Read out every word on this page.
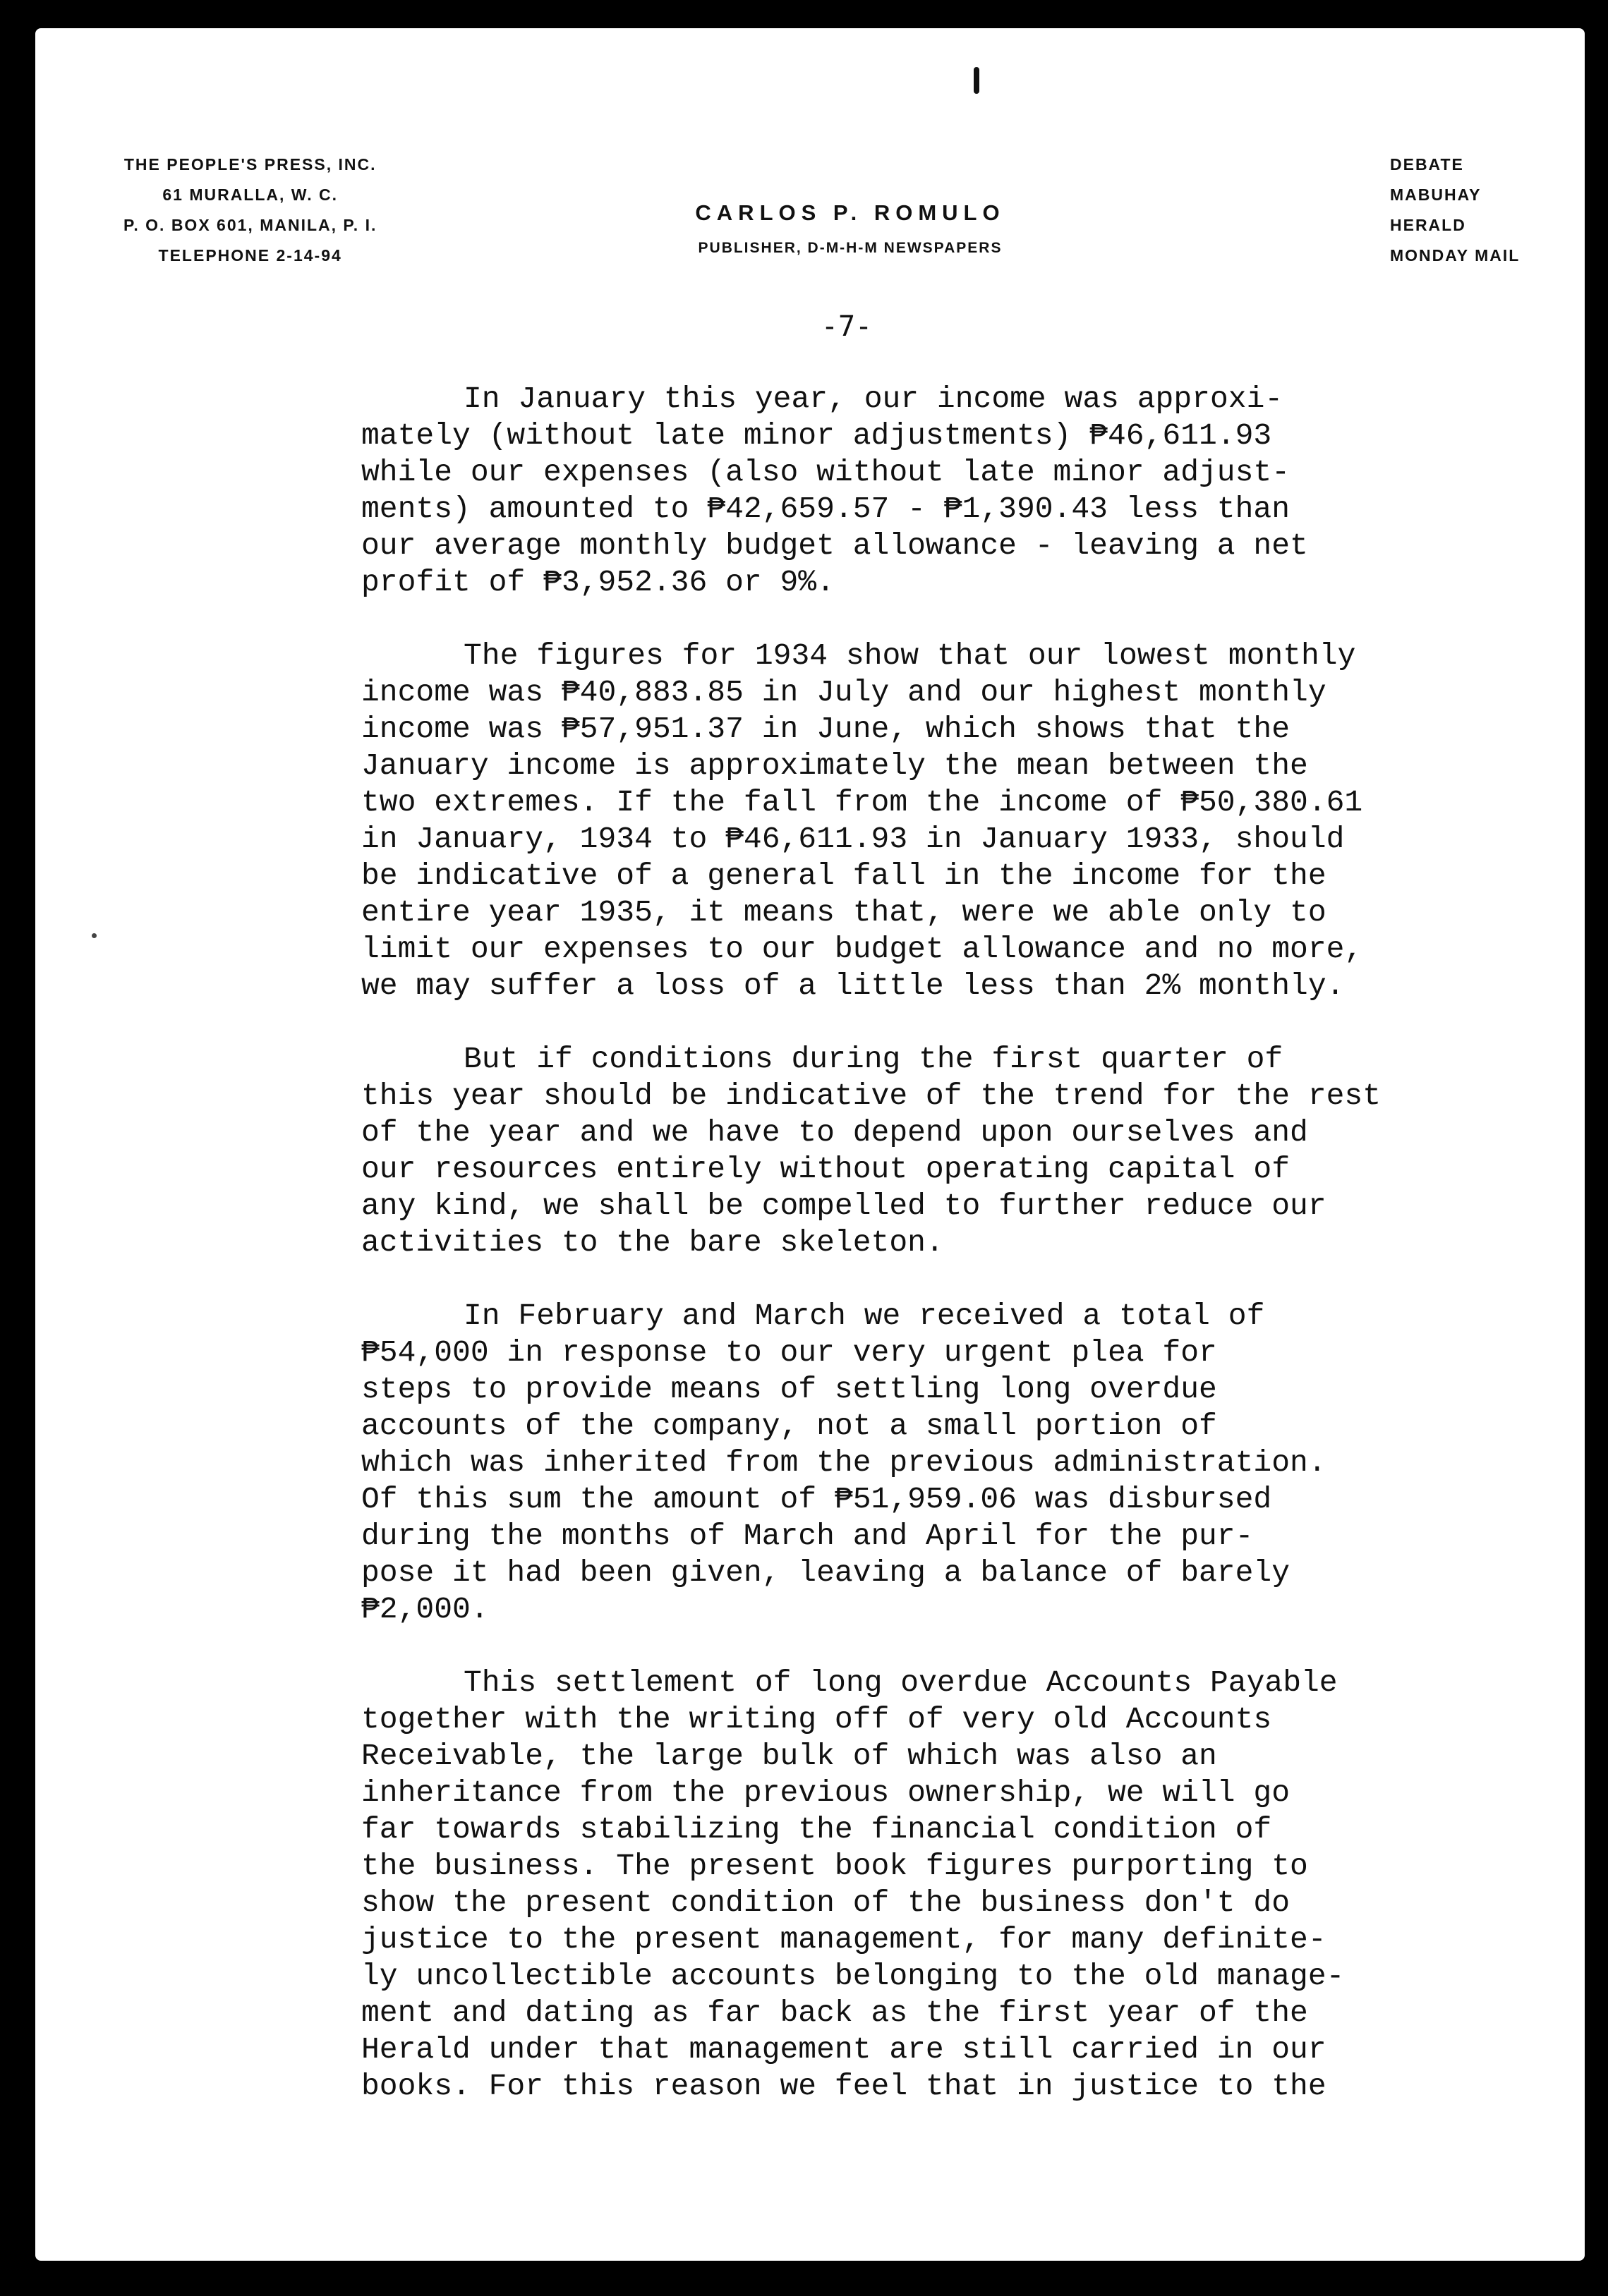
THE PEOPLE'S PRESS, INC.
61 MURALLA, W. C.
P. O. BOX 601, MANILA, P. I.
TELEPHONE 2-14-94
CARLOS P. ROMULO
PUBLISHER, D-M-H-M NEWSPAPERS
DEBATE
MABUHAY
HERALD
MONDAY MAIL
-7-
In January this year, our income was approxi-
mately (without late minor adjustments) ₱46,611.93
while our expenses (also without late minor adjust-
ments) amounted to ₱42,659.57 - ₱1,390.43 less than
our average monthly budget allowance - leaving a net
profit of ₱3,952.36 or 9%.
The figures for 1934 show that our lowest monthly
income was ₱40,883.85 in July and our highest monthly
income was ₱57,951.37 in June, which shows that the
January income is approximately the mean between the
two extremes. If the fall from the income of ₱50,380.61
in January, 1934 to ₱46,611.93 in January 1933, should
be indicative of a general fall in the income for the
entire year 1935, it means that, were we able only to
limit our expenses to our budget allowance and no more,
we may suffer a loss of a little less than 2% monthly.
But if conditions during the first quarter of
this year should be indicative of the trend for the rest
of the year and we have to depend upon ourselves and
our resources entirely without operating capital of
any kind, we shall be compelled to further reduce our
activities to the bare skeleton.
In February and March we received a total of
₱54,000 in response to our very urgent plea for
steps to provide means of settling long overdue
accounts of the company, not a small portion of
which was inherited from the previous administration.
Of this sum the amount of ₱51,959.06 was disbursed
during the months of March and April for the pur-
pose it had been given, leaving a balance of barely
₱2,000.
This settlement of long overdue Accounts Payable
together with the writing off of very old Accounts
Receivable, the large bulk of which was also an
inheritance from the previous ownership, we will go
far towards stabilizing the financial condition of
the business. The present book figures purporting to
show the present condition of the business don't do
justice to the present management, for many definite-
ly uncollectible accounts belonging to the old manage-
ment and dating as far back as the first year of the
Herald under that management are still carried in our
books. For this reason we feel that in justice to the
